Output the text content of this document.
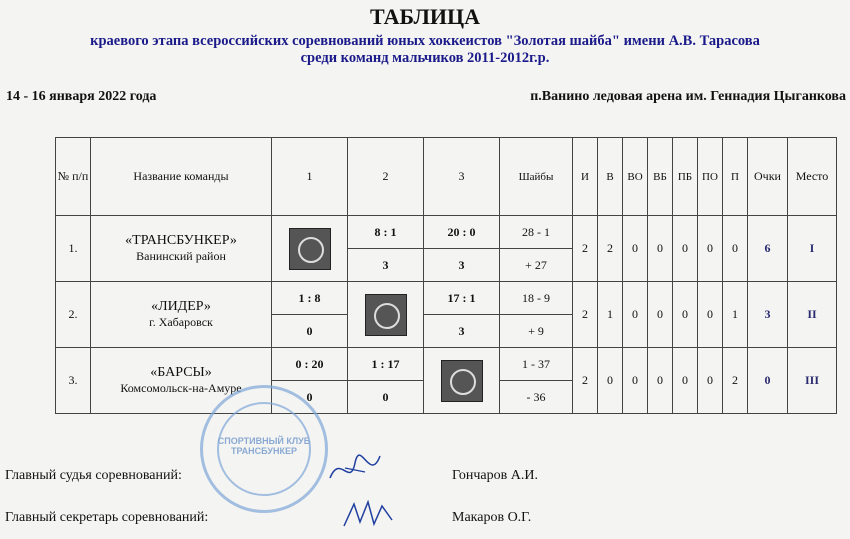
ТАБЛИЦА
краевого этапа всероссийских соревнований юных хоккеистов "Золотая шайба" имени А.В. Тарасова
среди команд мальчиков 2011-2012г.р.
14 - 16 января 2022 года	п.Ванино ледовая арена им. Геннадия Цыганкова
№ п/п	Название команды	1	2	3	Шайбы	И	В	ВО	ВБ	ПБ	ПО	П	Очки	Место
1.	«ТРАНСБУНКЕР»
Ванинский район		8 : 1	20 : 0	28 - 1	2	2	0	0	0	0	0	6	I
			3	3	+ 27									
2.	«ЛИДЕР»
г. Хабаровск	1 : 8		17 : 1	18 - 9	2	1	0	0	0	0	1	3	II
		0		3	+ 9									
3.	«БАРСЫ»
Комсомольск-на-Амуре	0 : 20	1 : 17		1 - 37	2	0	0	0	0	0	2	0	III
		0	0		- 36									
СПОРТИВНЫЙ КЛУБ ТРАНСБУНКЕР
Главный судья соревнований:	Гончаров А.И.
Главный секретарь соревнований:	Макаров О.Г.
